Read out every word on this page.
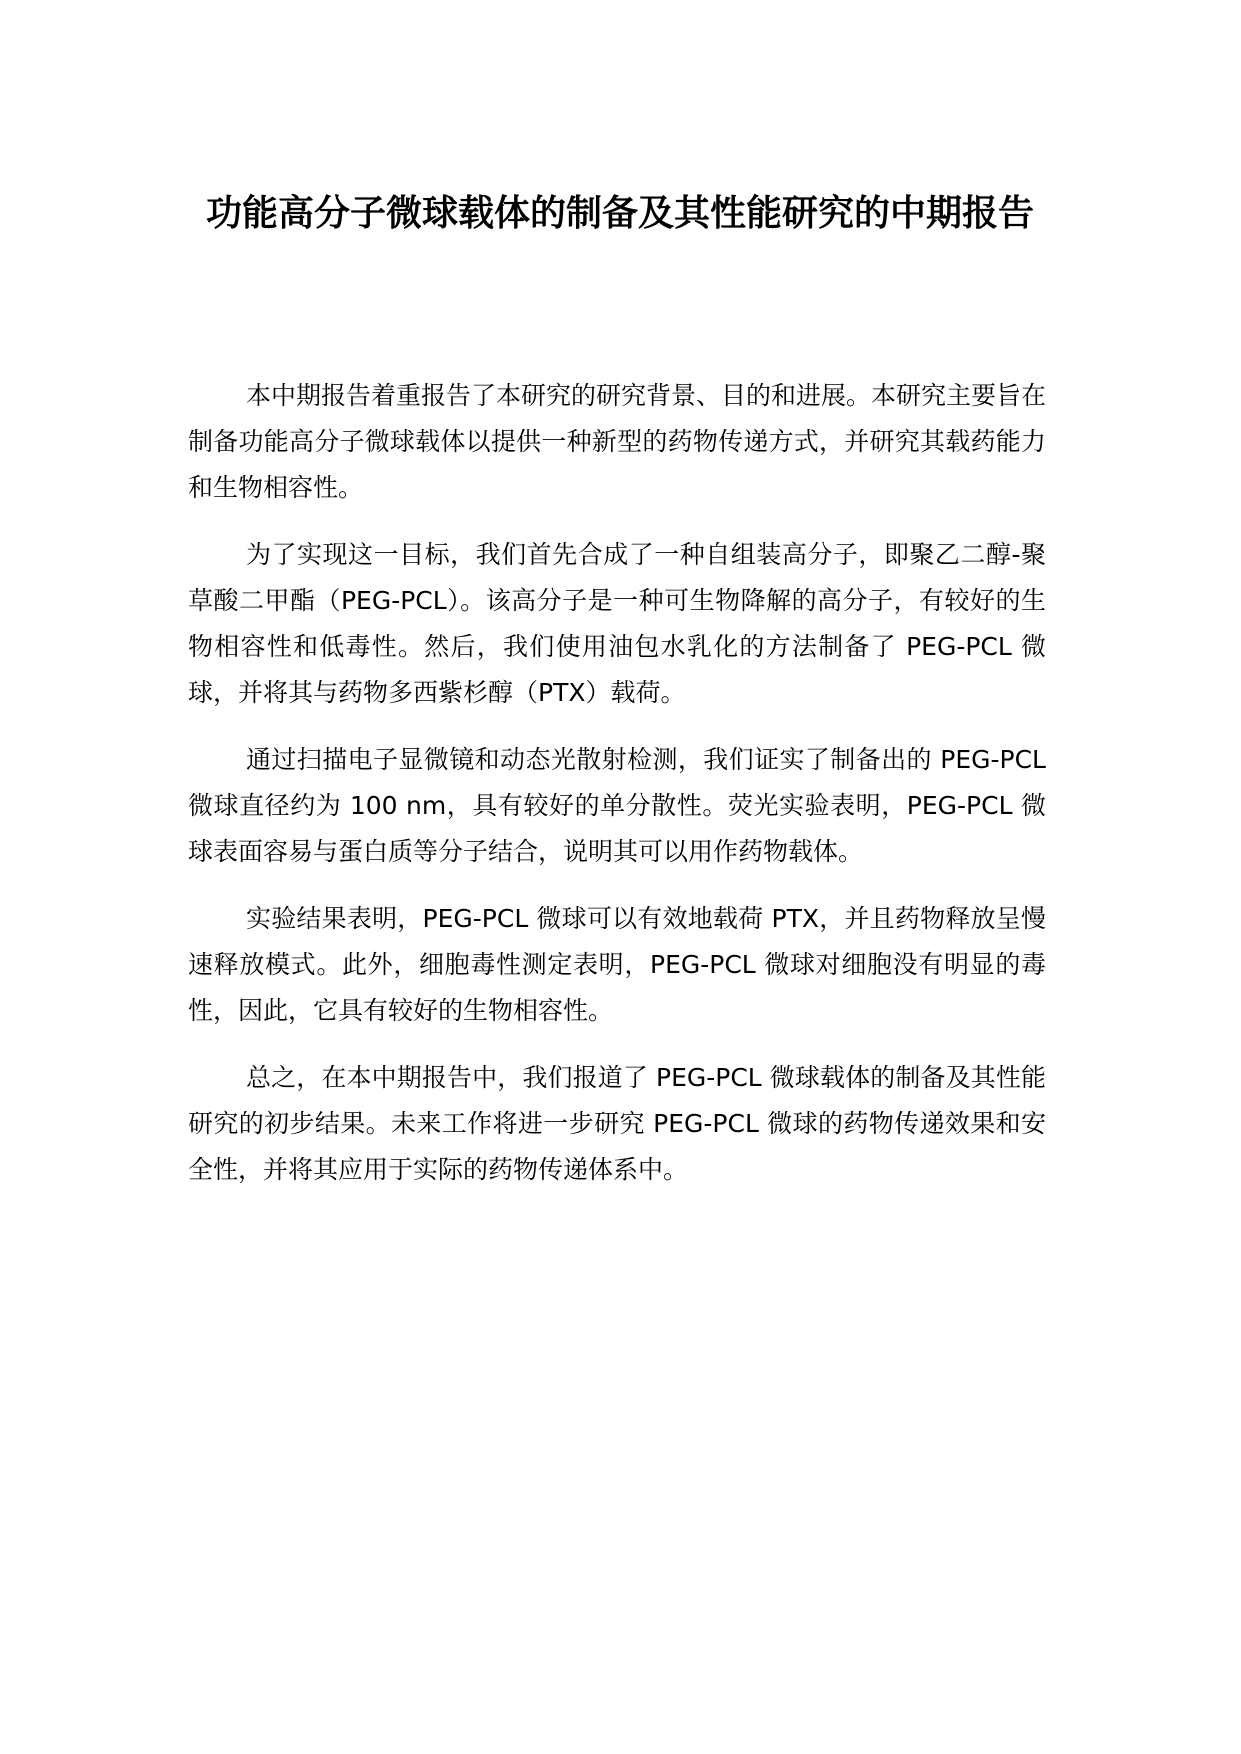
功能高分子微球载体的制备及其性能研究的中期报告

本中期报告着重报告了本研究的研究背景、目的和进展。本研究主要旨在制备功能高分子微球载体以提供一种新型的药物传递方式，并研究其载药能力和生物相容性。

为了实现这一目标，我们首先合成了一种自组装高分子，即聚乙二醇-聚草酸二甲酯（PEG-PCL）。该高分子是一种可生物降解的高分子，有较好的生物相容性和低毒性。然后，我们使用油包水乳化的方法制备了 PEG-PCL 微球，并将其与药物多西紫杉醇（PTX）载荷。

通过扫描电子显微镜和动态光散射检测，我们证实了制备出的 PEG-PCL 微球直径约为 100 nm，具有较好的单分散性。荧光实验表明，PEG-PCL 微球表面容易与蛋白质等分子结合，说明其可以用作药物载体。

实验结果表明，PEG-PCL 微球可以有效地载荷 PTX，并且药物释放呈慢速释放模式。此外，细胞毒性测定表明，PEG-PCL 微球对细胞没有明显的毒性，因此，它具有较好的生物相容性。

总之，在本中期报告中，我们报道了 PEG-PCL 微球载体的制备及其性能研究的初步结果。未来工作将进一步研究 PEG-PCL 微球的药物传递效果和安全性，并将其应用于实际的药物传递体系中。
